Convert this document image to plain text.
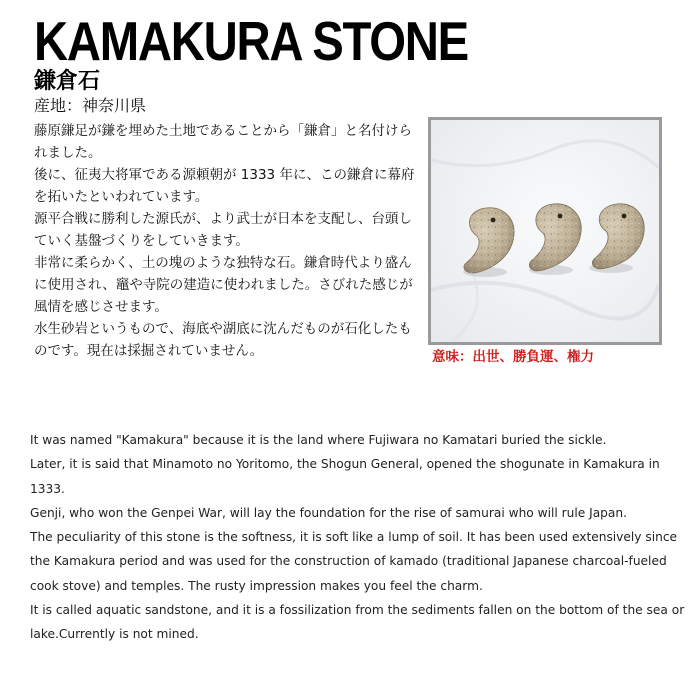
KAMAKURA STONE
鎌倉石
産地：神奈川県

藤原鎌足が鎌を埋めた土地であることから「鎌倉」と名付けられました。

後に、征夷大将軍である源頼朝が 1333 年に、この鎌倉に幕府を拓いたといわれています。

源平合戦に勝利した源氏が、より武士が日本を支配し、台頭していく基盤づくりをしていきます。

非常に柔らかく、土の塊のような独特な石。鎌倉時代より盛んに使用され、竈や寺院の建造に使われました。さびれた感じが風情を感じさせます。

水生砂岩というもので、海底や湖底に沈んだものが石化したものです。現在は採掘されていません。	意味：出世、勝負運、権力

It was named "Kamakura" because it is the land where Fujiwara no Kamatari buried the sickle.

Later, it is said that Minamoto no Yoritomo, the Shogun General, opened the shogunate in Kamakura in 1333.

Genji, who won the Genpei War, will lay the foundation for the rise of samurai who will rule Japan.

The peculiarity of this stone is the softness, it is soft like a lump of soil. It has been used extensively since the Kamakura period and was used for the construction of kamado (traditional Japanese charcoal-fueled cook stove) and temples. The rusty impression makes you feel the charm.

It is called aquatic sandstone, and it is a fossilization from the sediments fallen on the bottom of the sea or lake.Currently is not mined.
